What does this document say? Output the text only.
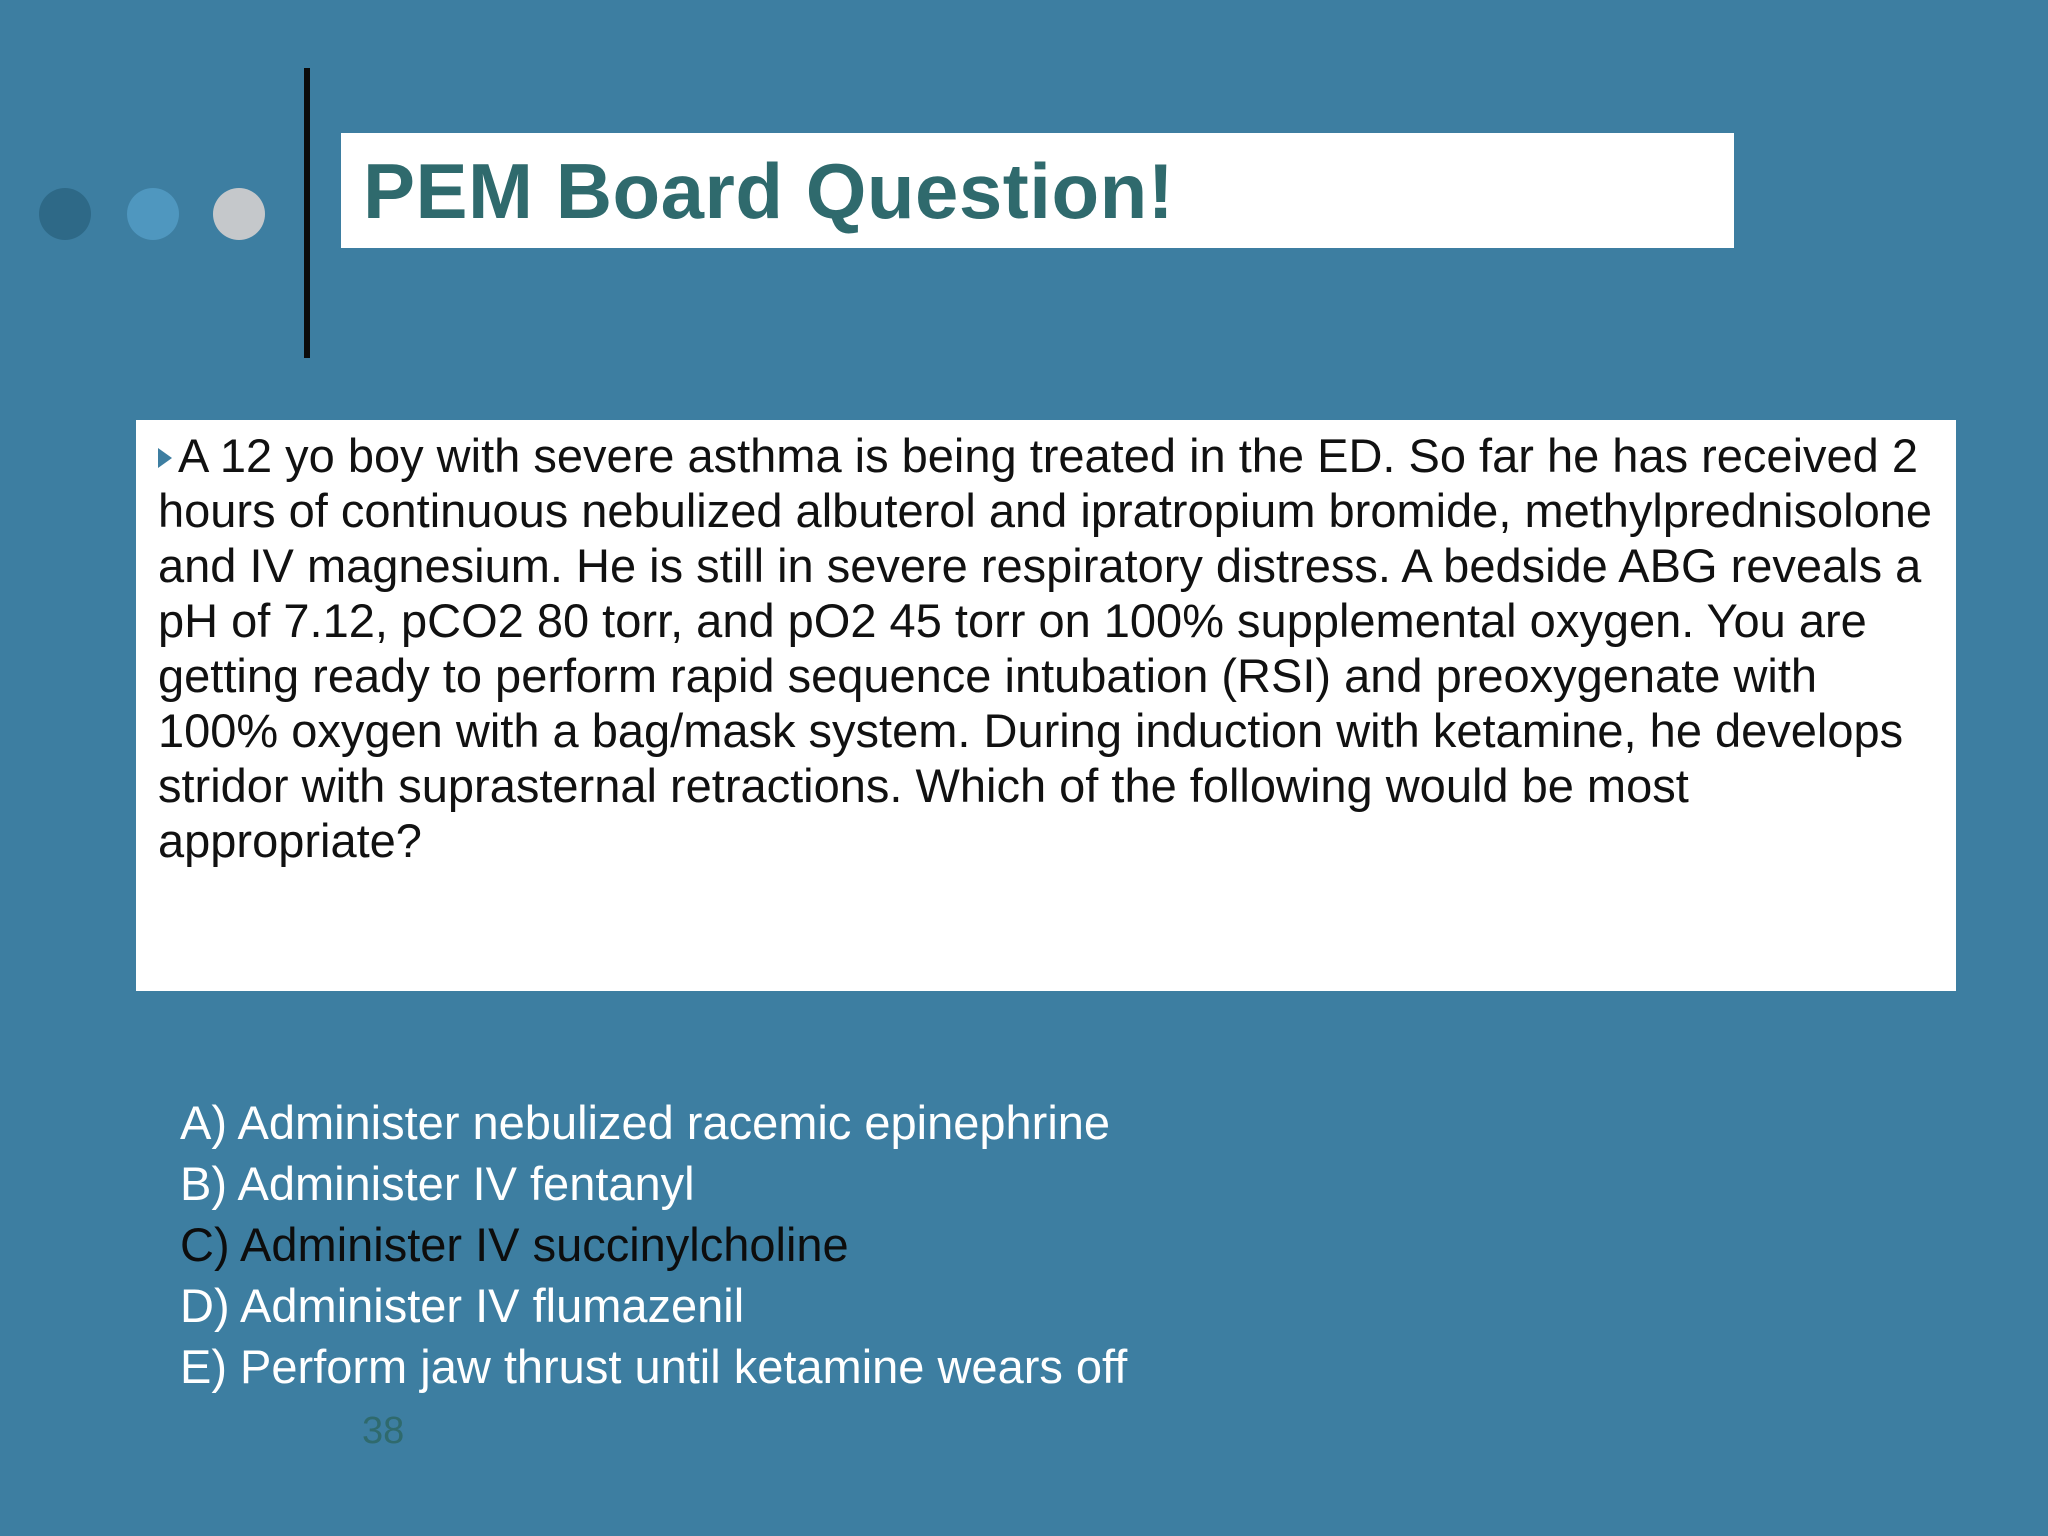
PEM Board Question!
A 12 yo boy with severe asthma is being treated in the ED. So far he has received 2 hours of continuous nebulized albuterol and ipratropium bromide, methylprednisolone and IV magnesium. He is still in severe respiratory distress. A bedside ABG reveals a pH of 7.12, pCO2 80 torr, and pO2 45 torr on 100% supplemental oxygen. You are getting ready to perform rapid sequence intubation (RSI) and preoxygenate with 100% oxygen with a bag/mask system. During induction with ketamine, he develops stridor with suprasternal retractions. Which of the following would be most appropriate?
A) Administer nebulized racemic epinephrine
B) Administer IV fentanyl
C) Administer IV succinylcholine
D) Administer IV flumazenil
E) Perform jaw thrust until ketamine wears off
38
